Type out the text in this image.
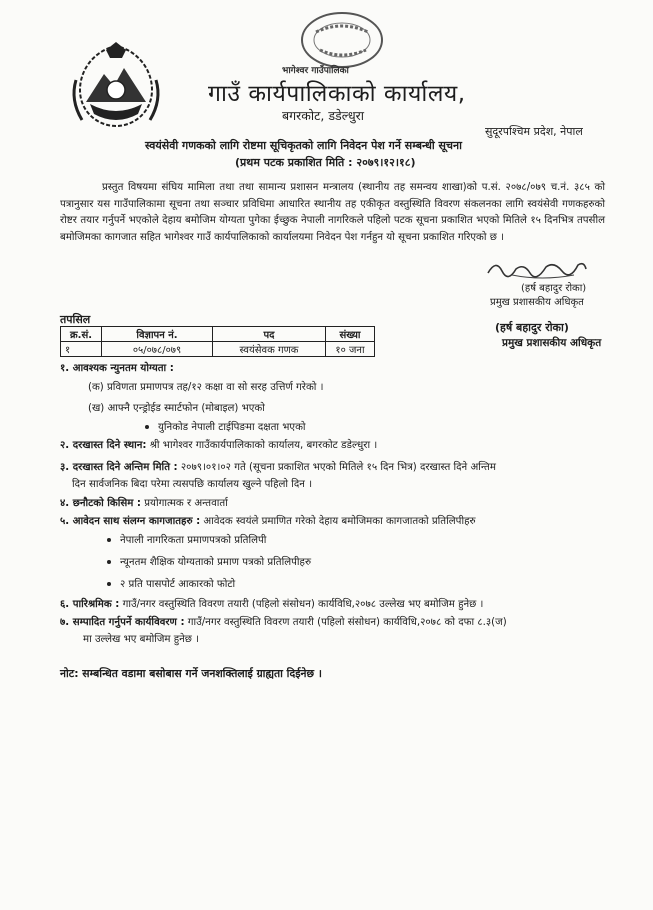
भागेश्वर गाउँपालिका
गाउँ कार्यपालिकाको कार्यालय,
बगरकोट, डडेल्धुरा
सुदूरपश्चिम प्रदेश, नेपाल
स्वयंसेवी गणकको लागि रोष्टमा सूचिकृतको लागि निवेदन पेश गर्ने सम्बन्धी सूचना
(प्रथम पटक प्रकाशित मिति : २०७९।१२।१८)
प्रस्तुत विषयमा संघिय मामिला तथा तथा सामान्य प्रशासन मन्त्रालय (स्थानीय तह समन्वय शाखा)को प.सं. २०७८/०७९ च.नं. ३८५ को पत्रानुसार यस गाउँपालिकामा सूचना तथा सञ्चार प्रविधिमा आधारित स्थानीय तह एकीकृत वस्तुस्थिति विवरण संकलनका लागि स्वयंसेवी गणकहरुको रोष्टर तयार गर्नुपर्ने भएकोले देहाय बमोजिम योग्यता पुगेका ईच्छुक नेपाली नागरिकले पहिलो पटक सूचना प्रकाशित भएको मितिले १५ दिनभित्र तपसील बमोजिमका कागजात सहित भागेश्वर गाउँ कार्यपालिकाको कार्यालयमा निवेदन पेश गर्नहुन यो सूचना प्रकाशित गरिएको छ ।
(हर्ष बहादुर रोका)
प्रमुख प्रशासकीय अधिकृत
(हर्ष बहादुर रोका)
प्रमुख प्रशासकीय अधिकृत
तपसिल
क्र.सं.	विज्ञापन नं.	पद	संख्या
१	०५/०७८/०७९	स्वयंसेवक गणक	१० जना
१. आवश्यक न्युनतम योग्यता :
(क) प्रविणता प्रमाणपत्र तह/१२ कक्षा वा सो सरह उत्तिर्ण गरेको ।
(ख) आफ्नै एन्ड्रोईड स्मार्टफोन (मोबाइल) भएको
युनिकोड नेपाली टाईपिङमा दक्षता भएको
२. दरखास्त दिने स्थान: श्री भागेश्वर गाउँकार्यपालिकाको कार्यालय, बगरकोट डडेल्धुरा ।
३. दरखास्त दिने अन्तिम मिति : २०७९।०१।०२ गते (सूचना प्रकाशित भएको मितिले १५ दिन भित्र) दरखास्त दिने अन्तिम
दिन सार्वजनिक बिदा परेमा त्यसपछि कार्यालय खुल्ने पहिलो दिन ।
४. छनौटको किसिम : प्रयोगात्मक र अन्तवार्ता
५. आवेदन साथ संलग्न कागजातहरु : आवेदक स्वयंले प्रमाणित गरेको देहाय बमोजिमका कागजातको प्रतिलिपीहरु
नेपाली नागरिकता प्रमाणपत्रको प्रतिलिपी
न्यूनतम शैक्षिक योग्यताको प्रमाण पत्रको प्रतिलिपीहरु
२ प्रति पासपोर्ट आकारको फोटो
६. पारिश्रमिक : गाउँ/नगर वस्तुस्थिति विवरण तयारी (पहिलो संसोधन) कार्यविधि,२०७८ उल्लेख भए बमोजिम हुनेछ ।
७. सम्पादित गर्नुपर्ने कार्यविवरण : गाउँ/नगर वस्तुस्थिति विवरण तयारी (पहिलो संसोधन) कार्यविधि,२०७८ को दफा ८.३(ज)
मा उल्लेख भए बमोजिम हुनेछ ।
नोट: सम्बन्धित वडामा बसोबास गर्ने जनशक्तिलाई ग्राह्यता दिईनेछ ।
